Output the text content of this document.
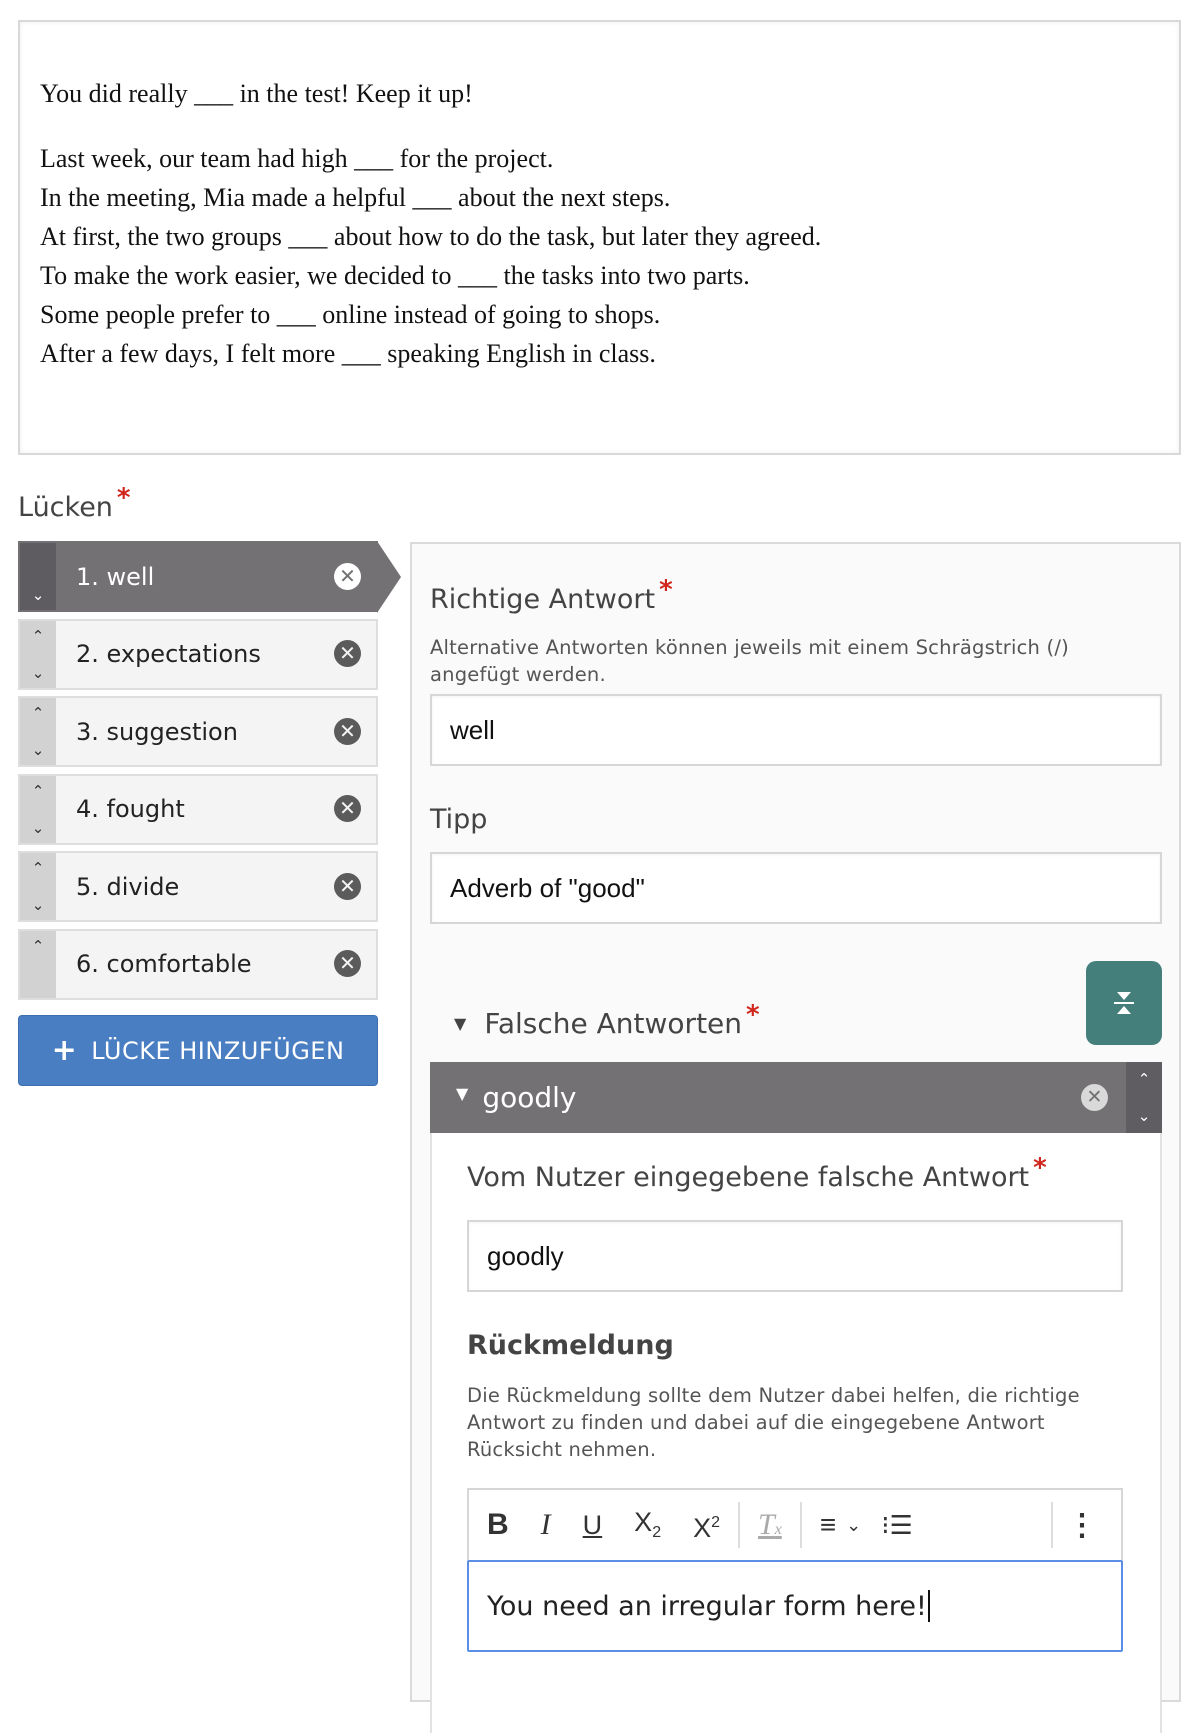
You did really ___ in the test! Keep it up!

Last week, our team had high ___ for the project.

In the meeting, Mia made a helpful ___ about the next steps.

At first, the two groups ___ about how to do the task, but later they agreed.

To make the work easier, we decided to ___ the tasks into two parts.

Some people prefer to ___ online instead of going to shops.

After a few days, I felt more ___ speaking English in class.

Lücken *
⌄
1. well	✕
⌃
⌄
2. expectations	✕
⌃
⌄
3. suggestion	✕
⌃
⌄
4. fought	✕
⌃
⌄
5. divide	✕
⌃
6. comfortable	✕
+ LÜCKE HINZUFÜGEN
Richtige Antwort *
Alternative Antworten können jeweils mit einem Schrägstrich (/) angefügt werden.
well
Tipp
Adverb of "good"
▼ Falsche Antworten *
▼ goodly	✕
⌃
⌄
Vom Nutzer eingegebene falsche Antwort *
goodly
Rückmeldung
Die Rückmeldung sollte dem Nutzer dabei helfen, die richtige Antwort zu finden und dabei auf die eingegebene Antwort Rücksicht nehmen.
B I U $X_2$ $X^2$ Tx ≡ ⌄ ⁝☰	⋮
You need an irregular form here!
